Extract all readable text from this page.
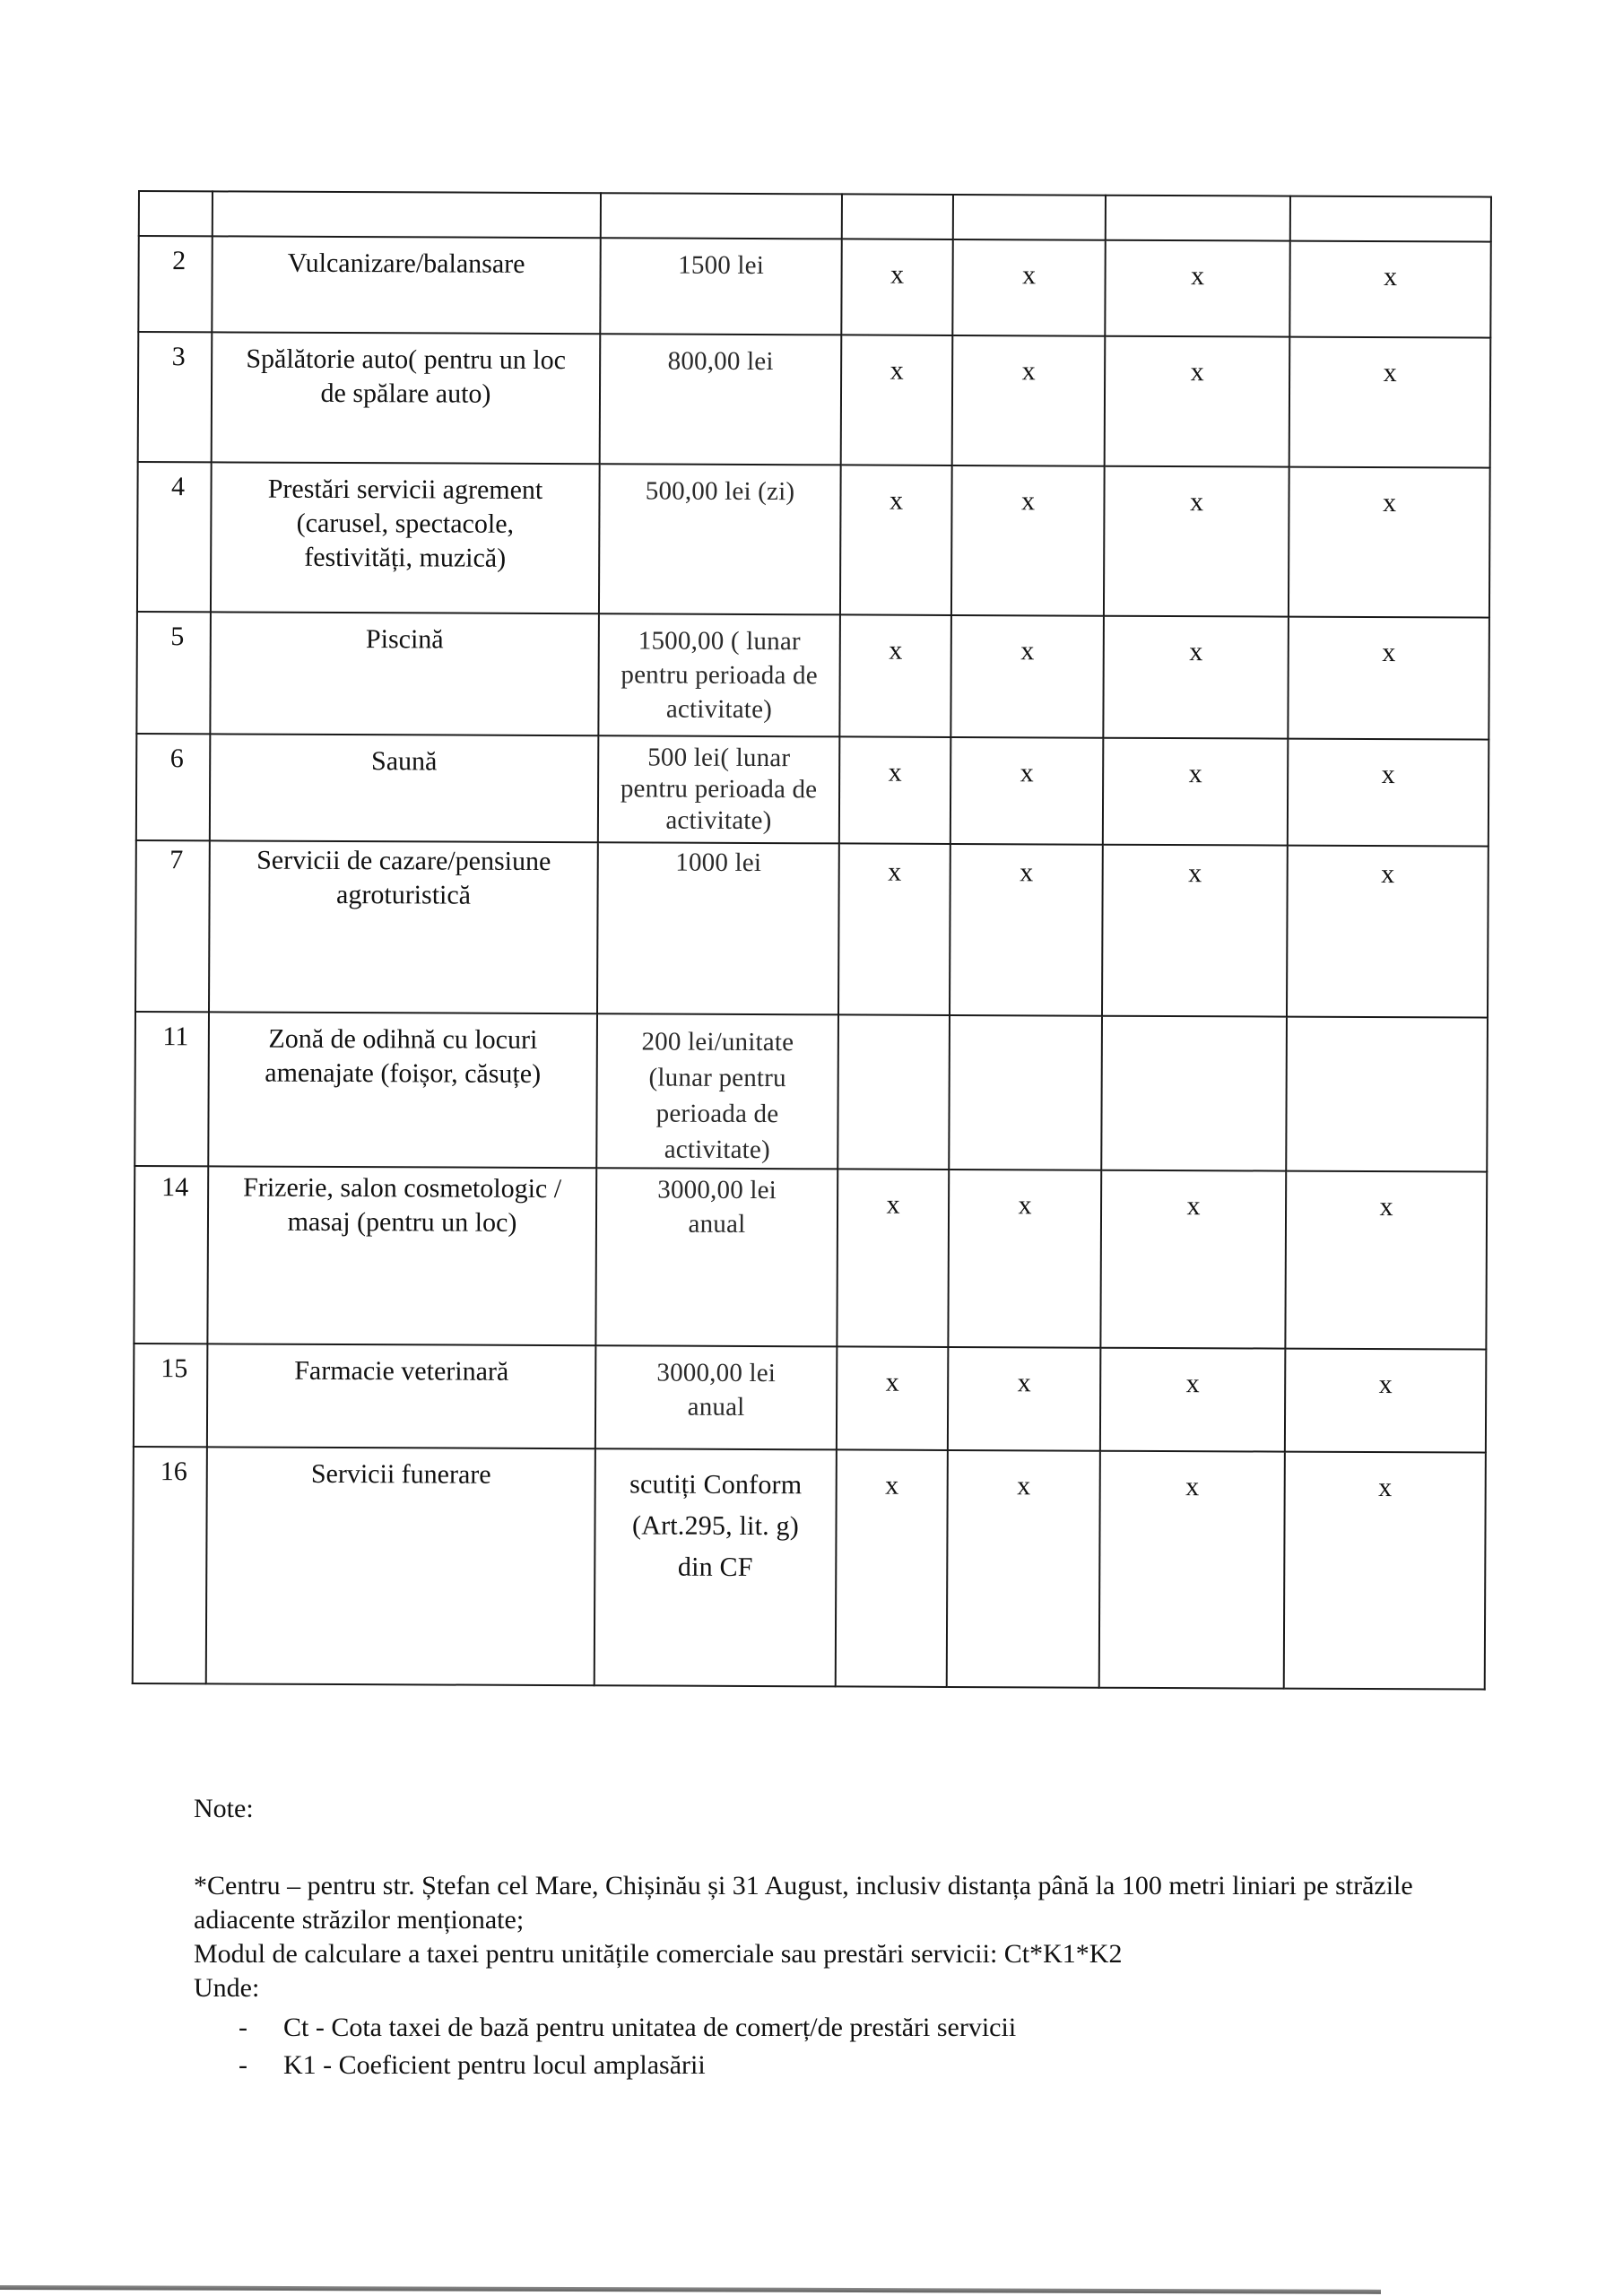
2	Vulcanizare/balansare	1500 lei	x	x	x	x

3	Spălătorie auto( pentru un loc de spălare auto)	800,00 lei	x	x	x	x

4	Prestări servicii agrement (carusel, spectacole, festivități, muzică)	500,00 lei (zi)	x	x	x	x

5	Piscină	1500,00 ( lunar pentru perioada de activitate)	x	x	x	x

6	Saună	500 lei( lunar pentru perioada de activitate)	x	x	x	x

7	Servicii de cazare/pensiune agroturistică	1000 lei	x	x	x	x

11	Zonă de odihnă cu locuri amenajate (foișor, căsuțe)	200 lei/unitate (lunar pentru perioada de activitate)				

14	Frizerie, salon cosmetologic / masaj (pentru un loc)	3000,00 lei anual	x	x	x	x

15	Farmacie veterinară	3000,00 lei anual	x	x	x	x

16	Servicii funerare	scutiți Conform (Art.295, lit. g) din CF	x	x	x	x

Note:

*Centru – pentru str. Ștefan cel Mare, Chișinău și 31 August, inclusiv distanța până la 100 metri liniari pe străzile adiacente străzilor menționate;

Modul de calculare a taxei pentru unitățile comerciale sau prestări servicii: Ct*K1*K2

Unde:

- Ct - Cota taxei de bază pentru unitatea de comerț/de prestări servicii
- K1 - Coeficient pentru locul amplasării
